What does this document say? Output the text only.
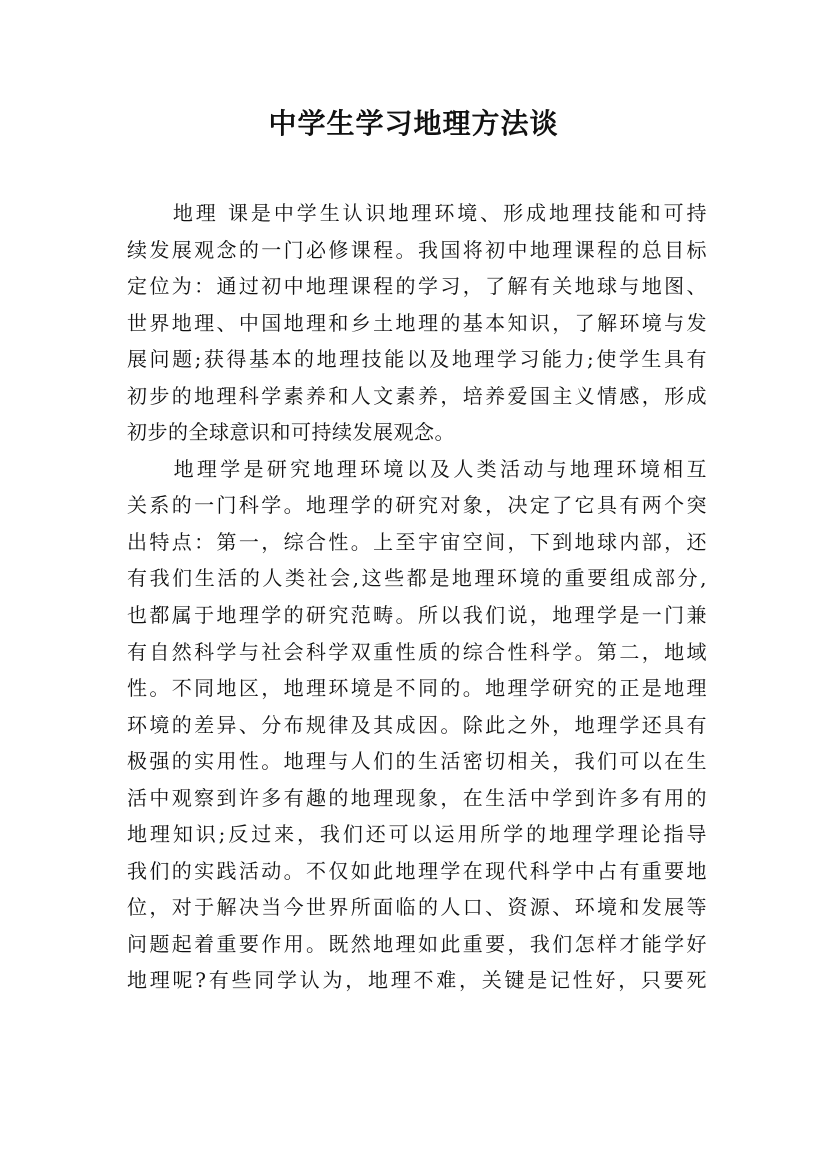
中学生学习地理方法谈
　　地理 课是中学生认识地理环境、形成地理技能和可持
续发展观念的一门必修课程。我国将初中地理课程的总目标
定位为：通过初中地理课程的学习，了解有关地球与地图、
世界地理、中国地理和乡土地理的基本知识，了解环境与发
展问题;获得基本的地理技能以及地理学习能力;使学生具有
初步的地理科学素养和人文素养，培养爱国主义情感，形成
初步的全球意识和可持续发展观念。
　　地理学是研究地理环境以及人类活动与地理环境相互
关系的一门科学。地理学的研究对象，决定了它具有两个突
出特点：第一，综合性。上至宇宙空间，下到地球内部，还
有我们生活的人类社会,这些都是地理环境的重要组成部分,
也都属于地理学的研究范畴。所以我们说，地理学是一门兼
有自然科学与社会科学双重性质的综合性科学。第二，地域
性。不同地区，地理环境是不同的。地理学研究的正是地理
环境的差异、分布规律及其成因。除此之外，地理学还具有
极强的实用性。地理与人们的生活密切相关，我们可以在生
活中观察到许多有趣的地理现象，在生活中学到许多有用的
地理知识;反过来，我们还可以运用所学的地理学理论指导
我们的实践活动。不仅如此地理学在现代科学中占有重要地
位，对于解决当今世界所面临的人口、资源、环境和发展等
问题起着重要作用。既然地理如此重要，我们怎样才能学好
地理呢?有些同学认为，地理不难，关键是记性好，只要死
